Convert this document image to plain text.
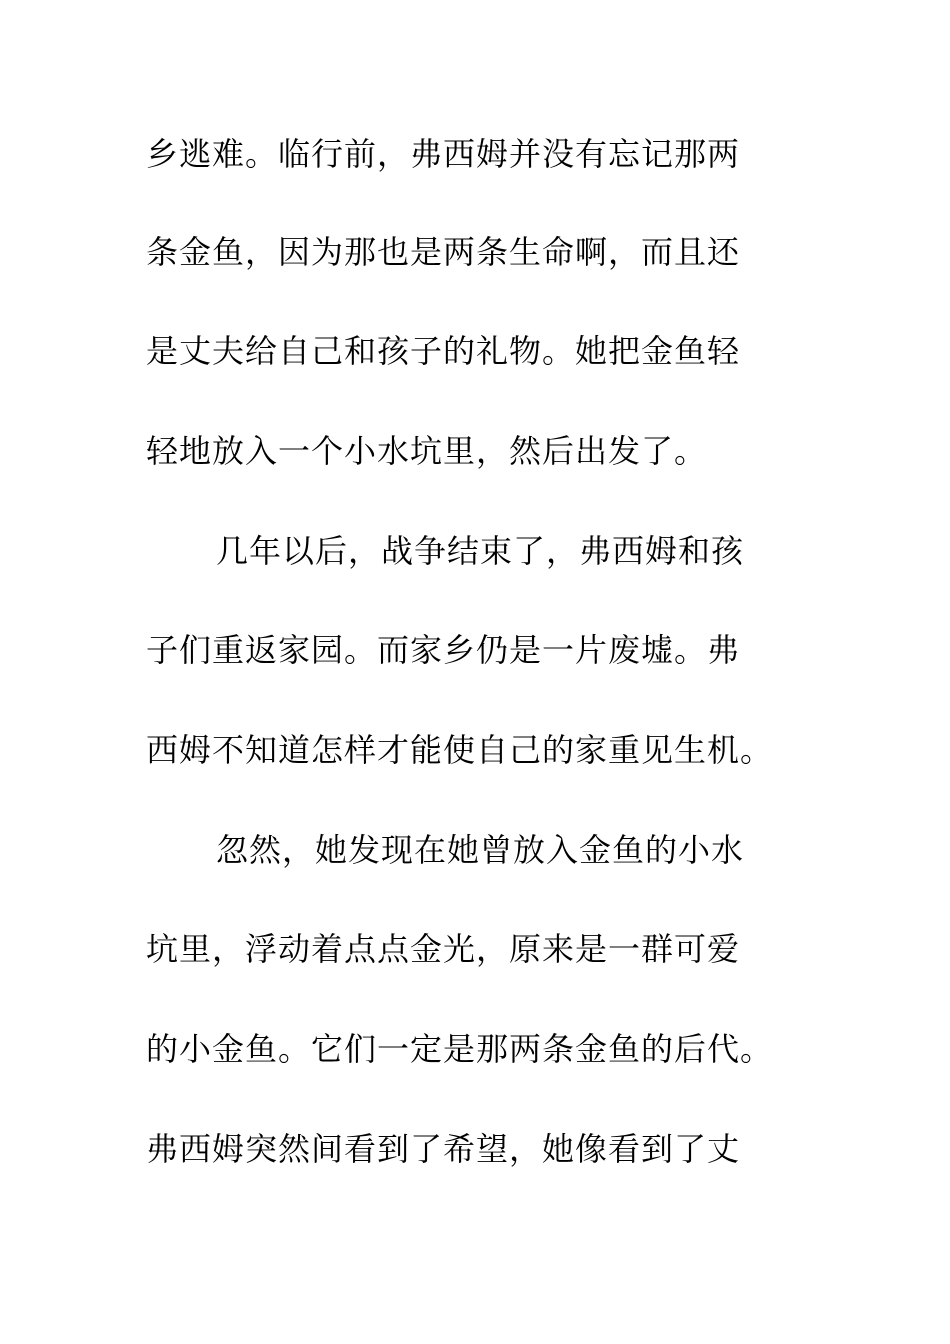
乡逃难。临行前，弗西姆并没有忘记那两
条金鱼，因为那也是两条生命啊，而且还
是丈夫给自己和孩子的礼物。她把金鱼轻
轻地放入一个小水坑里，然后出发了。
几年以后，战争结束了，弗西姆和孩
子们重返家园。而家乡仍是一片废墟。弗
西姆不知道怎样才能使自己的家重见生机。
忽然，她发现在她曾放入金鱼的小水
坑里，浮动着点点金光，原来是一群可爱
的小金鱼。它们一定是那两条金鱼的后代。
弗西姆突然间看到了希望，她像看到了丈
